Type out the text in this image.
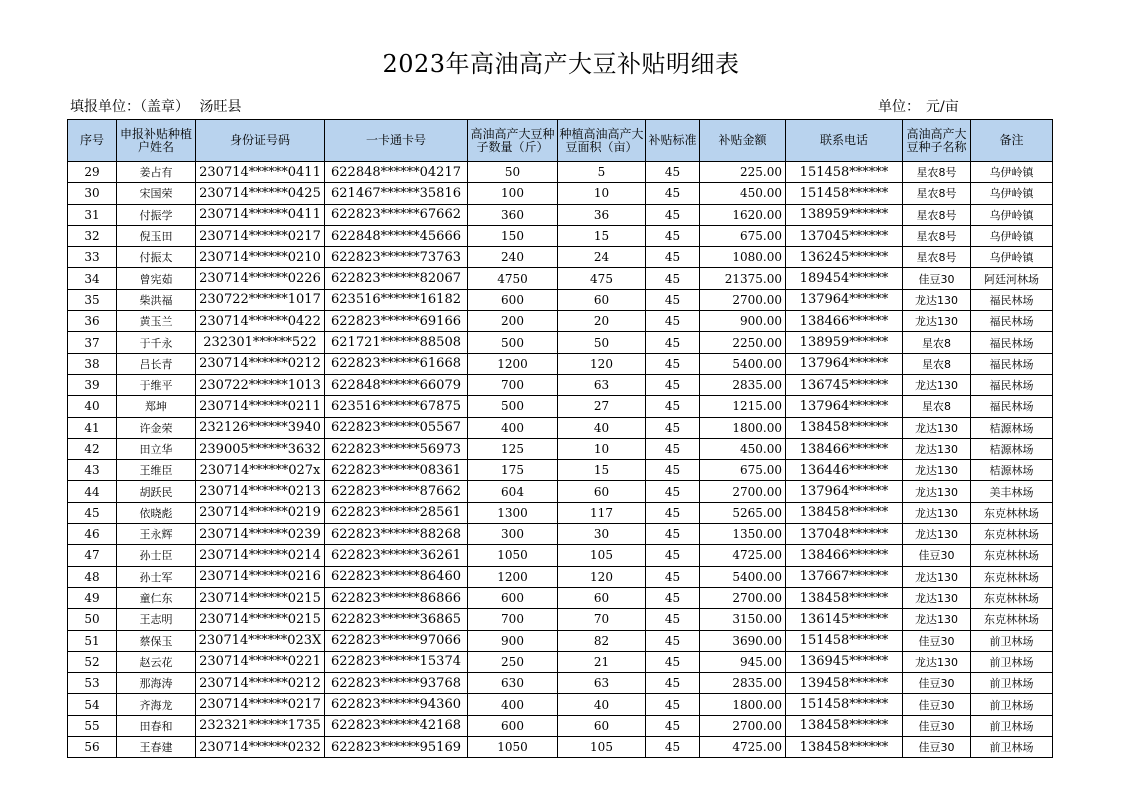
2023年高油高产大豆补贴明细表
填报单位：（盖章） 汤旺县	单位： 元/亩
序号	申报补贴种植户姓名	身份证号码	一卡通卡号	高油高产大豆种子数量（斤）	种植高油高产大豆面积（亩）	补贴标准	补贴金额	联系电话	高油高产大豆种子名称	备注
29	姜占有	230714******0411	622848******04217	50	5	45	225.00	151458******	星农8号	乌伊岭镇
30	宋国荣	230714******0425	621467******35816	100	10	45	450.00	151458******	星农8号	乌伊岭镇
31	付振学	230714******0411	622823******67662	360	36	45	1620.00	138959******	星农8号	乌伊岭镇
32	倪玉田	230714******0217	622848******45666	150	15	45	675.00	137045******	星农8号	乌伊岭镇
33	付振太	230714******0210	622823******73763	240	24	45	1080.00	136245******	星农8号	乌伊岭镇
34	曾宪茹	230714******0226	622823******82067	4750	475	45	21375.00	189454******	佳豆30	阿廷河林场
35	柴洪福	230722******1017	623516******16182	600	60	45	2700.00	137964******	龙达130	福民林场
36	黄玉兰	230714******0422	622823******69166	200	20	45	900.00	138466******	龙达130	福民林场
37	于千永	232301******522	621721******88508	500	50	45	2250.00	138959******	星农8	福民林场
38	吕长青	230714******0212	622823******61668	1200	120	45	5400.00	137964******	星农8	福民林场
39	于维平	230722******1013	622848******66079	700	63	45	2835.00	136745******	龙达130	福民林场
40	郑坤	230714******0211	623516******67875	500	27	45	1215.00	137964******	星农8	福民林场
41	许金荣	232126******3940	622823******05567	400	40	45	1800.00	138458******	龙达130	桔源林场
42	田立华	239005******3632	622823******56973	125	10	45	450.00	138466******	龙达130	桔源林场
43	王维臣	230714******027x	622823******08361	175	15	45	675.00	136446******	龙达130	桔源林场
44	胡跃民	230714******0213	622823******87662	604	60	45	2700.00	137964******	龙达130	美丰林场
45	依晓彪	230714******0219	622823******28561	1300	117	45	5265.00	138458******	龙达130	东克林林场
46	王永辉	230714******0239	622823******88268	300	30	45	1350.00	137048******	龙达130	东克林林场
47	孙士臣	230714******0214	622823******36261	1050	105	45	4725.00	138466******	佳豆30	东克林林场
48	孙士军	230714******0216	622823******86460	1200	120	45	5400.00	137667******	龙达130	东克林林场
49	童仁东	230714******0215	622823******86866	600	60	45	2700.00	138458******	龙达130	东克林林场
50	王志明	230714******0215	622823******36865	700	70	45	3150.00	136145******	龙达130	东克林林场
51	蔡保玉	230714******023X	622823******97066	900	82	45	3690.00	151458******	佳豆30	前卫林场
52	赵云花	230714******0221	622823******15374	250	21	45	945.00	136945******	龙达130	前卫林场
53	那海涛	230714******0212	622823******93768	630	63	45	2835.00	139458******	佳豆30	前卫林场
54	齐海龙	230714******0217	622823******94360	400	40	45	1800.00	151458******	佳豆30	前卫林场
55	田春和	232321******1735	622823******42168	600	60	45	2700.00	138458******	佳豆30	前卫林场
56	王春建	230714******0232	622823******95169	1050	105	45	4725.00	138458******	佳豆30	前卫林场
